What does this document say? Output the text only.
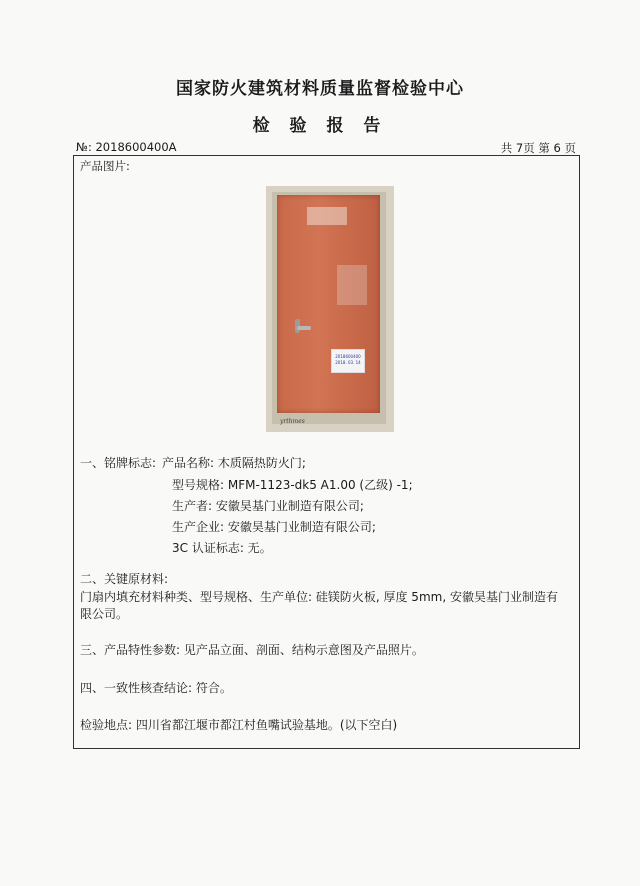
国家防火建筑材料质量监督检验中心
检 验 报 告
№: 2018600400A	共 7页 第 6 页
产品图片:
2018600400
2018. 03. 14
yrthmes
一、铭牌标志: 产品名称: 木质隔热防火门;
型号规格: MFM-1123-dk5 A1.00 (乙级) -1;
生产者: 安徽昊基门业制造有限公司;
生产企业: 安徽昊基门业制造有限公司;
3C 认证标志: 无。
二、关键原材料:
门扇内填充材料种类、型号规格、生产单位: 硅镁防火板, 厚度 5mm, 安徽昊基门业制造有
限公司。
三、产品特性参数: 见产品立面、剖面、结构示意图及产品照片。
四、一致性核查结论: 符合。
检验地点: 四川省都江堰市都江村鱼嘴试验基地。(以下空白)
